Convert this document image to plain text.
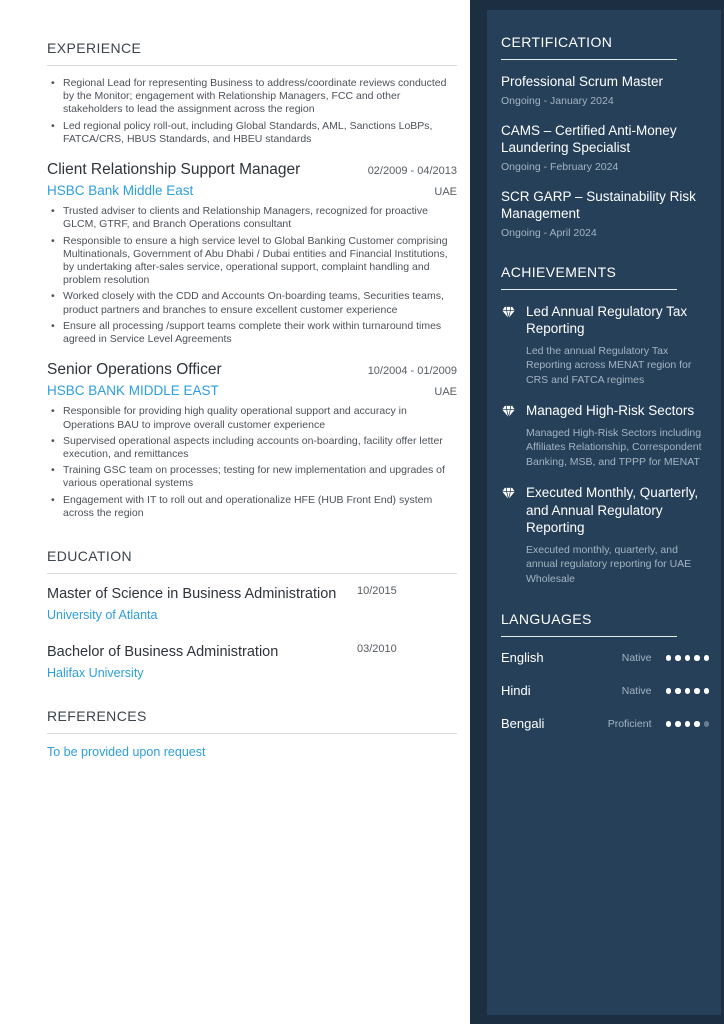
EXPERIENCE
• Regional Lead for representing Business to address/coordinate reviews conducted by the Monitor; engagement with Relationship Managers, FCC and other stakeholders to lead the assignment across the region
• Led regional policy roll-out, including Global Standards, AML, Sanctions LoBPs, FATCA/CRS, HBUS Standards, and HBEU standards
Client Relationship Support Manager	02/2009 - 04/2013
HSBC Bank Middle East	UAE
• Trusted adviser to clients and Relationship Managers, recognized for proactive GLCM, GTRF, and Branch Operations consultant
• Responsible to ensure a high service level to Global Banking Customer comprising Multinationals, Government of Abu Dhabi / Dubai entities and Financial Institutions, by undertaking after-sales service, operational support, complaint handling and problem resolution
• Worked closely with the CDD and Accounts On-boarding teams, Securities teams, product partners and branches to ensure excellent customer experience
• Ensure all processing /support teams complete their work within turnaround times agreed in Service Level Agreements
Senior Operations Officer	10/2004 - 01/2009
HSBC BANK MIDDLE EAST	UAE
• Responsible for providing high quality operational support and accuracy in Operations BAU to improve overall customer experience
• Supervised operational aspects including accounts on-boarding, facility offer letter execution, and remittances
• Training GSC team on processes; testing for new implementation and upgrades of various operational systems
• Engagement with IT to roll out and operationalize HFE (HUB Front End) system across the region
EDUCATION
Master of Science in Business Administration	10/2015
University of Atlanta
Bachelor of Business Administration	03/2010
Halifax University
REFERENCES
To be provided upon request
CERTIFICATION
Professional Scrum Master
Ongoing - January 2024
CAMS – Certified Anti-Money Laundering Specialist
Ongoing - February 2024
SCR GARP – Sustainability Risk Management
Ongoing - April 2024
ACHIEVEMENTS
Led Annual Regulatory Tax Reporting
Led the annual Regulatory Tax Reporting across MENAT region for CRS and FATCA regimes
Managed High-Risk Sectors
Managed High-Risk Sectors including Affiliates Relationship, Correspondent Banking, MSB, and TPPP for MENAT
Executed Monthly, Quarterly, and Annual Regulatory Reporting
Executed monthly, quarterly, and annual regulatory reporting for UAE Wholesale
LANGUAGES
English	Native
Hindi	Native
Bengali	Proficient
